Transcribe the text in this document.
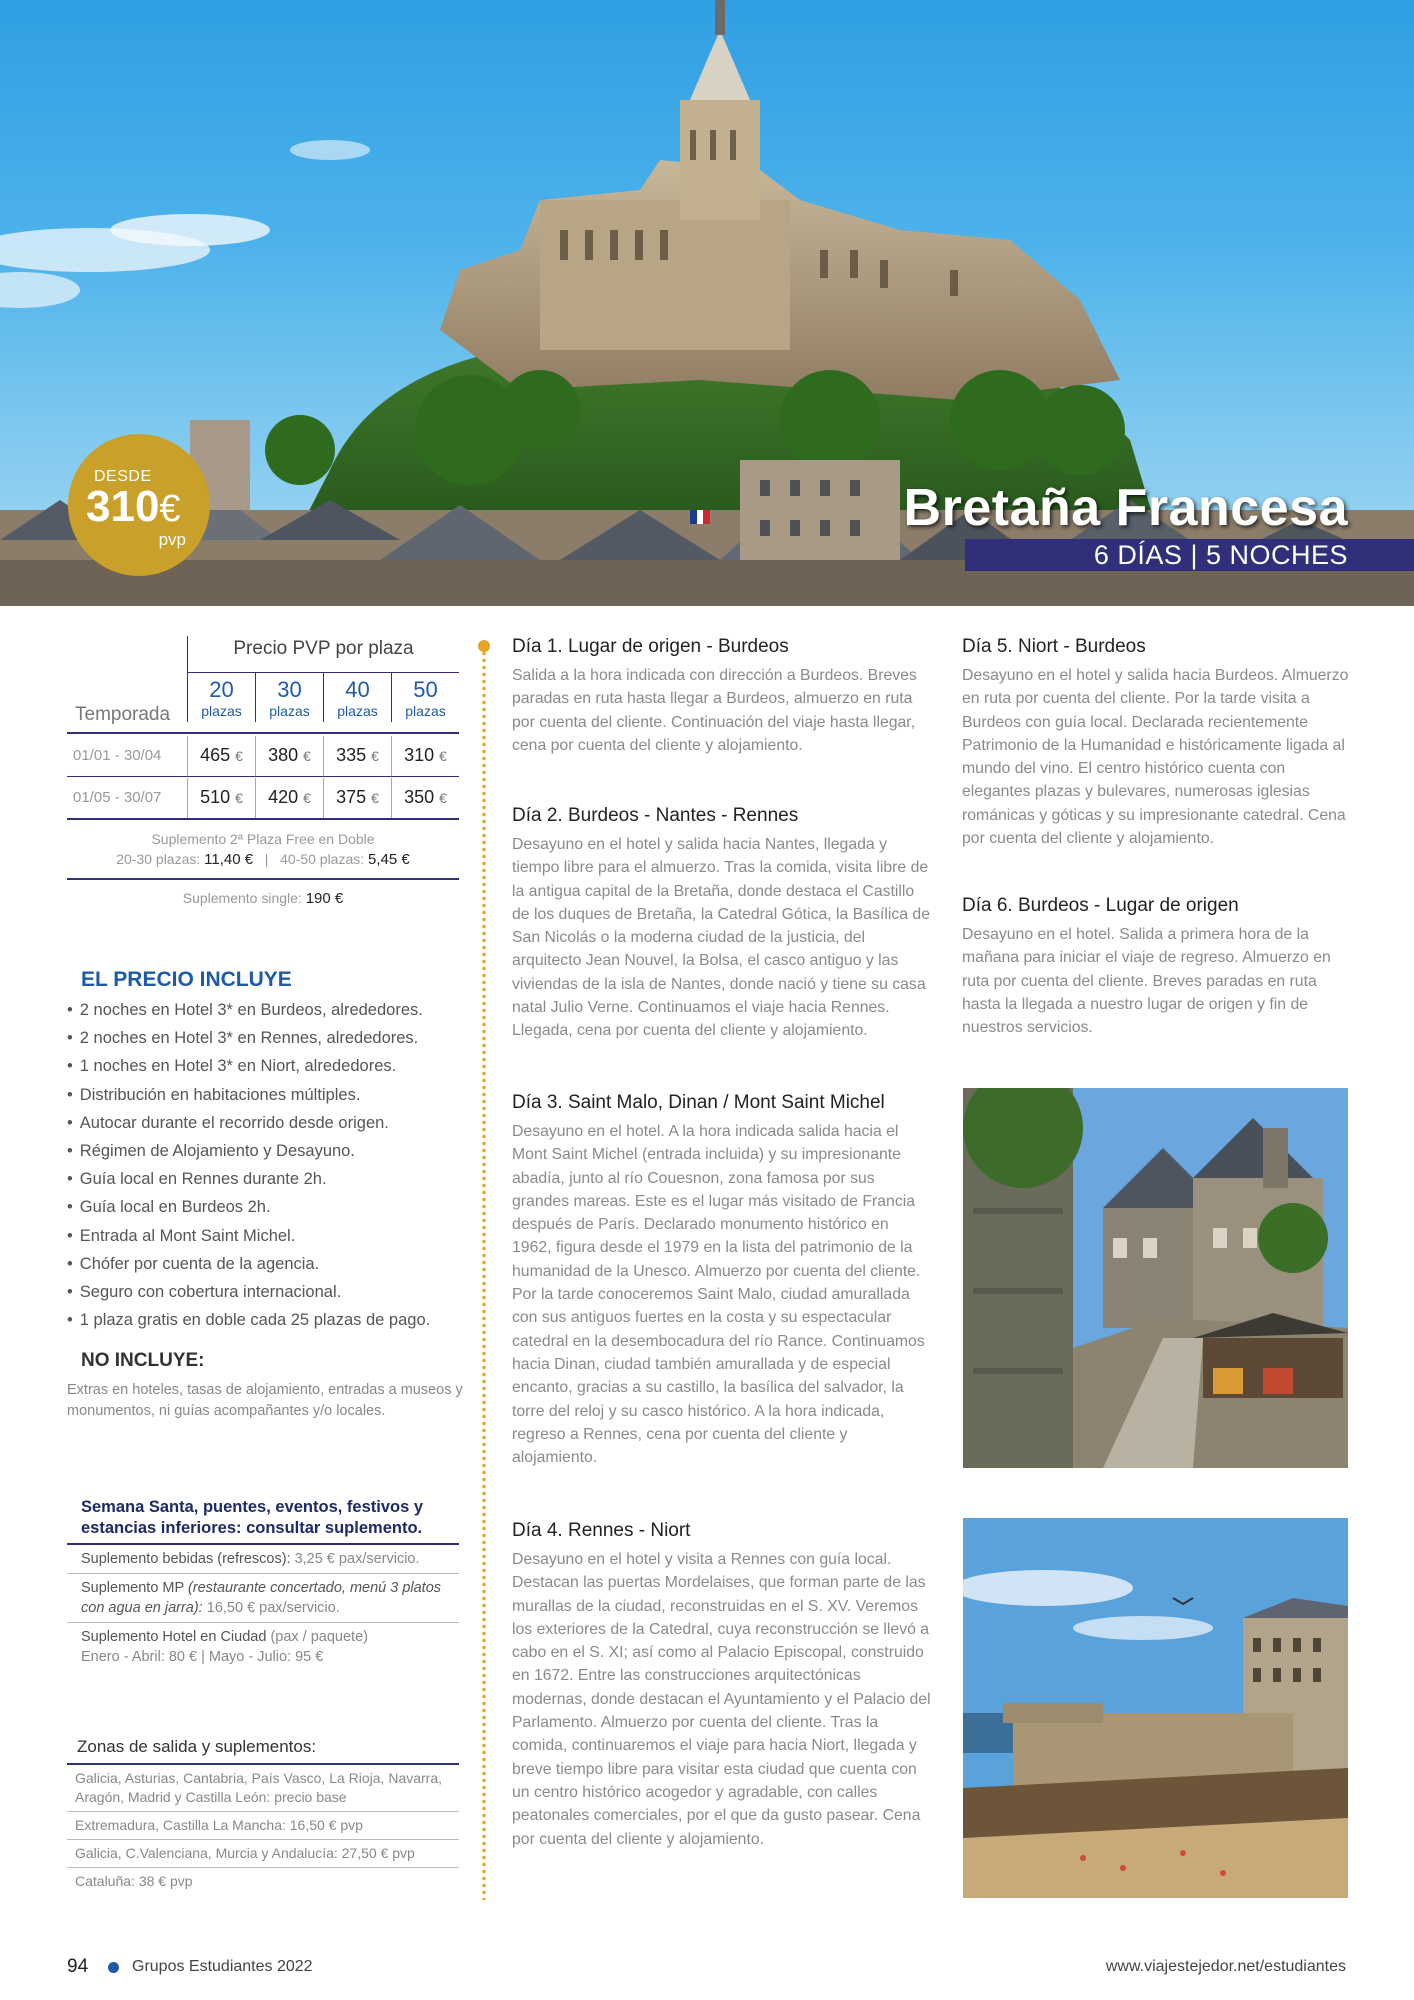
DESDE
310€
pvp
Bretaña Francesa
6 DÍAS | 5 NOCHES
Precio PVP por plaza
20
plazas
30
plazas
40
plazas
50
plazas
Temporada
01/01 - 30/04	465 €	380 €	335 €	310 €
01/05 - 30/07	510 €	420 €	375 €	350 €
Suplemento 2ª Plaza Free en Doble
20-30 plazas: 11,40 € | 40-50 plazas: 5,45 €
Suplemento single: 190 €
EL PRECIO INCLUYE
• 2 noches en Hotel 3* en Burdeos, alrededores.
• 2 noches en Hotel 3* en Rennes, alrededores.
• 1 noches en Hotel 3* en Niort, alrededores.
• Distribución en habitaciones múltiples.
• Autocar durante el recorrido desde origen.
• Régimen de Alojamiento y Desayuno.
• Guía local en Rennes durante 2h.
• Guía local en Burdeos 2h.
• Entrada al Mont Saint Michel.
• Chófer por cuenta de la agencia.
• Seguro con cobertura internacional.
• 1 plaza gratis en doble cada 25 plazas de pago.
NO INCLUYE:
Extras en hoteles, tasas de alojamiento, entradas a museos y monumentos, ni guías acompañantes y/o locales.
Semana Santa, puentes, eventos, festivos y estancias inferiores: consultar suplemento.
Suplemento bebidas (refrescos): 3,25 € pax/servicio.
Suplemento MP (restaurante concertado, menú 3 platos con agua en jarra): 16,50 € pax/servicio.
Suplemento Hotel en Ciudad (pax / paquete)
Enero - Abril: 80 € | Mayo - Julio: 95 €
Zonas de salida y suplementos:
Galicia, Asturias, Cantabria, País Vasco, La Rioja, Navarra, Aragón, Madrid y Castilla León: precio base
Extremadura, Castilla La Mancha: 16,50 € pvp
Galicia, C.Valenciana, Murcia y Andalucía: 27,50 € pvp
Cataluña: 38 € pvp
Día 1. Lugar de origen - Burdeos

Salida a la hora indicada con dirección a Burdeos. Breves paradas en ruta hasta llegar a Burdeos, almuerzo en ruta por cuenta del cliente. Continuación del viaje hasta llegar, cena por cuenta del cliente y alojamiento.

Día 2. Burdeos - Nantes - Rennes

Desayuno en el hotel y salida hacia Nantes, llegada y tiempo libre para el almuerzo. Tras la comida, visita libre de la antigua capital de la Bretaña, donde destaca el Castillo de los duques de Bretaña, la Catedral Gótica, la Basílica de San Nicolás o la moderna ciudad de la justicia, del arquitecto Jean Nouvel, la Bolsa, el casco antiguo y las viviendas de la isla de Nantes, donde nació y tiene su casa natal Julio Verne. Continuamos el viaje hacia Rennes. Llegada, cena por cuenta del cliente y alojamiento.

Día 3. Saint Malo, Dinan / Mont Saint Michel

Desayuno en el hotel. A la hora indicada salida hacia el Mont Saint Michel (entrada incluida) y su impresionante abadía, junto al río Couesnon, zona famosa por sus grandes mareas. Este es el lugar más visitado de Francia después de París. Declarado monumento histórico en 1962, figura desde el 1979 en la lista del patrimonio de la humanidad de la Unesco. Almuerzo por cuenta del cliente. Por la tarde conoceremos Saint Malo, ciudad amurallada con sus antiguos fuertes en la costa y su espectacular catedral en la desembocadura del río Rance. Continuamos hacia Dinan, ciudad también amurallada y de especial encanto, gracias a su castillo, la basílica del salvador, la torre del reloj y su casco histórico. A la hora indicada, regreso a Rennes, cena por cuenta del cliente y alojamiento.

Día 4. Rennes - Niort

Desayuno en el hotel y visita a Rennes con guía local. Destacan las puertas Mordelaises, que forman parte de las murallas de la ciudad, reconstruidas en el S. XV. Veremos los exteriores de la Catedral, cuya reconstrucción se llevó a cabo en el S. XI; así como al Palacio Episcopal, construido en 1672. Entre las construcciones arquitectónicas modernas, donde destacan el Ayuntamiento y el Palacio del Parlamento. Almuerzo por cuenta del cliente. Tras la comida, continuaremos el viaje para hacia Niort, llegada y breve tiempo libre para visitar esta ciudad que cuenta con un centro histórico acogedor y agradable, con calles peatonales comerciales, por el que da gusto pasear. Cena por cuenta del cliente y alojamiento.

Día 5. Niort - Burdeos

Desayuno en el hotel y salida hacia Burdeos. Almuerzo en ruta por cuenta del cliente. Por la tarde visita a Burdeos con guía local. Declarada recientemente Patrimonio de la Humanidad e históricamente ligada al mundo del vino. El centro histórico cuenta con elegantes plazas y bulevares, numerosas iglesias románicas y góticas y su impresionante catedral. Cena por cuenta del cliente y alojamiento.

Día 6. Burdeos - Lugar de origen

Desayuno en el hotel. Salida a primera hora de la mañana para iniciar el viaje de regreso. Almuerzo en ruta por cuenta del cliente. Breves paradas en ruta hasta la llegada a nuestro lugar de origen y fin de nuestros servicios.

94	Grupos Estudiantes 2022	www.viajestejedor.net/estudiantes
